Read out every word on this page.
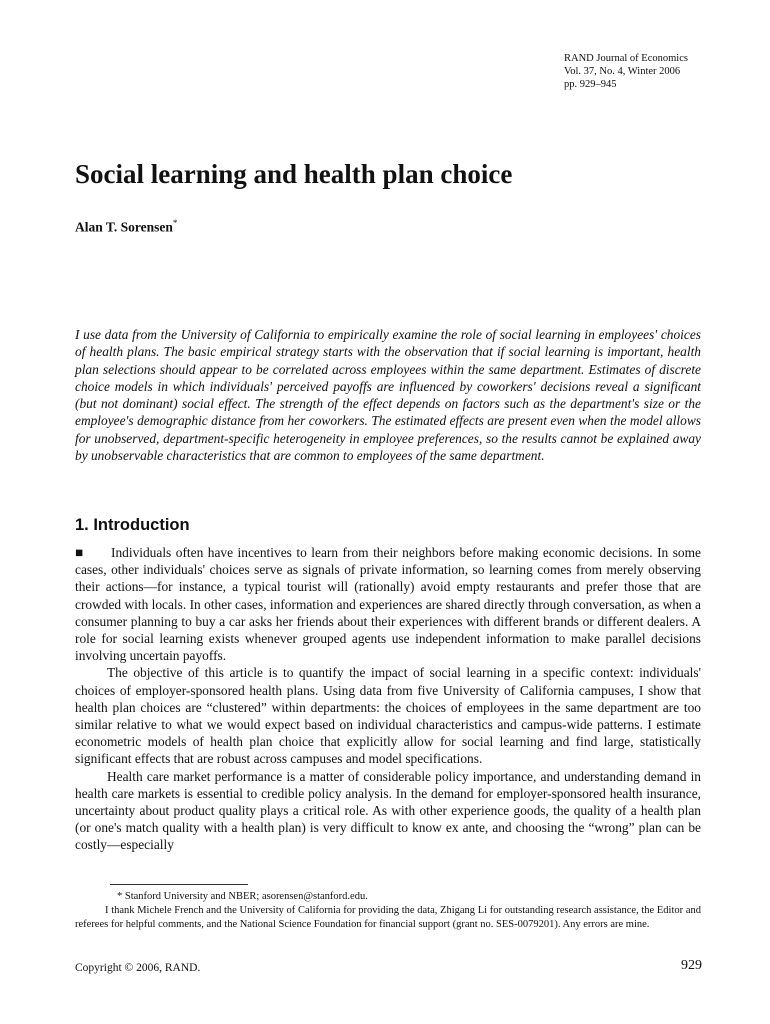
RAND Journal of Economics
Vol. 37, No. 4, Winter 2006
pp. 929–945
Social learning and health plan choice
Alan T. Sorensen*

I use data from the University of California to empirically examine the role of social learning in employees' choices of health plans. The basic empirical strategy starts with the observation that if social learning is important, health plan selections should appear to be correlated across employees within the same department. Estimates of discrete choice models in which individuals' perceived payoffs are influenced by coworkers' decisions reveal a significant (but not dominant) social effect. The strength of the effect depends on factors such as the department's size or the employee's demographic distance from her coworkers. The estimated effects are present even when the model allows for unobserved, department-specific heterogeneity in employee preferences, so the results cannot be explained away by unobservable characteristics that are common to employees of the same department.

1. Introduction

■ Individuals often have incentives to learn from their neighbors before making economic decisions. In some cases, other individuals' choices serve as signals of private information, so learning comes from merely observing their actions—for instance, a typical tourist will (rationally) avoid empty restaurants and prefer those that are crowded with locals. In other cases, information and experiences are shared directly through conversation, as when a consumer planning to buy a car asks her friends about their experiences with different brands or different dealers. A role for social learning exists whenever grouped agents use independent information to make parallel decisions involving uncertain payoffs.

The objective of this article is to quantify the impact of social learning in a specific context: individuals' choices of employer-sponsored health plans. Using data from five University of California campuses, I show that health plan choices are “clustered” within departments: the choices of employees in the same department are too similar relative to what we would expect based on individual characteristics and campus-wide patterns. I estimate econometric models of health plan choice that explicitly allow for social learning and find large, statistically significant effects that are robust across campuses and model specifications.

Health care market performance is a matter of considerable policy importance, and understanding demand in health care markets is essential to credible policy analysis. In the demand for employer-sponsored health insurance, uncertainty about product quality plays a critical role. As with other experience goods, the quality of a health plan (or one's match quality with a health plan) is very difficult to know ex ante, and choosing the “wrong” plan can be costly—especially

* Stanford University and NBER; asorensen@stanford.edu.

I thank Michele French and the University of California for providing the data, Zhigang Li for outstanding research assistance, the Editor and referees for helpful comments, and the National Science Foundation for financial support (grant no. SES-0079201). Any errors are mine.

Copyright © 2006, RAND.	929
